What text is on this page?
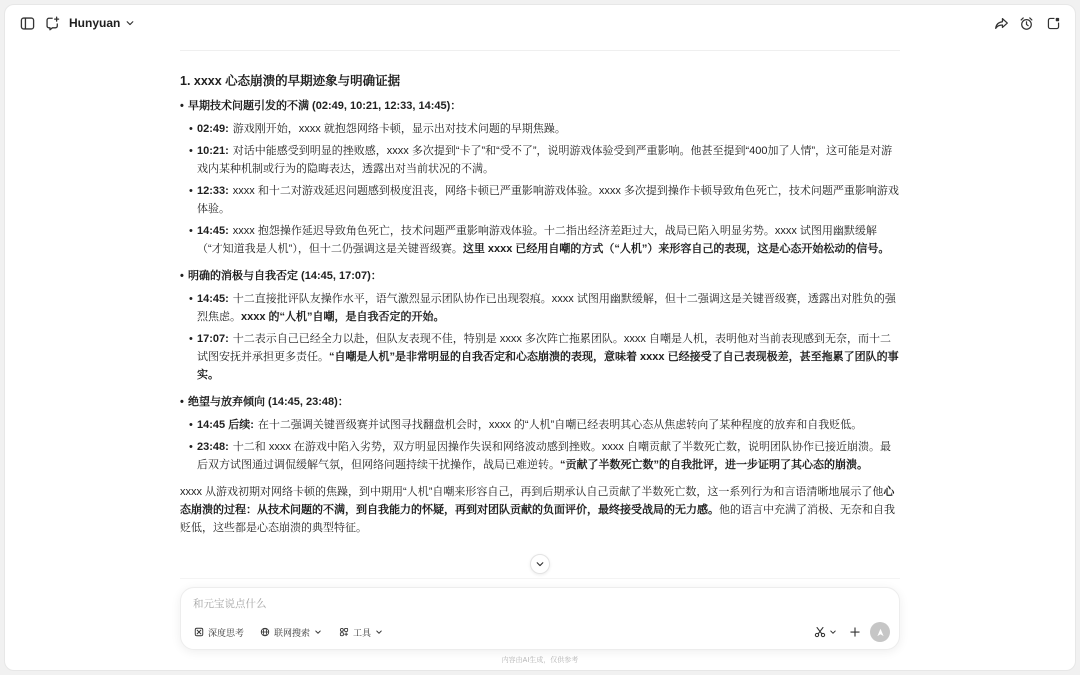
Hunyuan
1. xxxx 心态崩溃的早期迹象与明确证据
• 早期技术问题引发的不满 (02:49, 10:21, 12:33, 14:45)：
• 02:49: 游戏刚开始，xxxx 就抱怨网络卡顿，显示出对技术问题的早期焦躁。
• 10:21: 对话中能感受到明显的挫败感，xxxx 多次提到“卡了”和“受不了”，说明游戏体验受到严重影响。他甚至提到“400加了人情”，这可能是对游戏内某种机制或行为的隐晦表达，透露出对当前状况的不满。
• 12:33: xxxx 和十二对游戏延迟问题感到极度沮丧，网络卡顿已严重影响游戏体验。xxxx 多次提到操作卡顿导致角色死亡，技术问题严重影响游戏体验。
• 14:45: xxxx 抱怨操作延迟导致角色死亡，技术问题严重影响游戏体验。十二指出经济差距过大，战局已陷入明显劣势。xxxx 试图用幽默缓解（“才知道我是人机”），但十二仍强调这是关键晋级赛。这里 xxxx 已经用自嘲的方式（“人机”）来形容自己的表现，这是心态开始松动的信号。
• 明确的消极与自我否定 (14:45, 17:07)：
• 14:45: 十二直接批评队友操作水平，语气激烈显示团队协作已出现裂痕。xxxx 试图用幽默缓解，但十二强调这是关键晋级赛，透露出对胜负的强烈焦虑。xxxx 的“人机”自嘲，是自我否定的开始。
• 17:07: 十二表示自己已经全力以赴，但队友表现不佳，特别是 xxxx 多次阵亡拖累团队。xxxx 自嘲是人机，表明他对当前表现感到无奈，而十二试图安抚并承担更多责任。“自嘲是人机”是非常明显的自我否定和心态崩溃的表现，意味着 xxxx 已经接受了自己表现极差，甚至拖累了团队的事实。
• 绝望与放弃倾向 (14:45, 23:48)：
• 14:45 后续: 在十二强调关键晋级赛并试图寻找翻盘机会时，xxxx 的“人机”自嘲已经表明其心态从焦虑转向了某种程度的放弃和自我贬低。
• 23:48: 十二和 xxxx 在游戏中陷入劣势，双方明显因操作失误和网络波动感到挫败。xxxx 自嘲贡献了半数死亡数，说明团队协作已接近崩溃。最后双方试图通过调侃缓解气氛，但网络问题持续干扰操作，战局已难逆转。“贡献了半数死亡数”的自我批评，进一步证明了其心态的崩溃。

xxxx 从游戏初期对网络卡顿的焦躁，到中期用“人机”自嘲来形容自己，再到后期承认自己贡献了半数死亡数，这一系列行为和言语清晰地展示了他心态崩溃的过程：从技术问题的不满，到自我能力的怀疑，再到对团队贡献的负面评价，最终接受战局的无力感。他的语言中充满了消极、无奈和自我贬低，这些都是心态崩溃的典型特征。

和元宝说点什么
深度思考	联网搜索	工具
内容由AI生成，仅供参考
